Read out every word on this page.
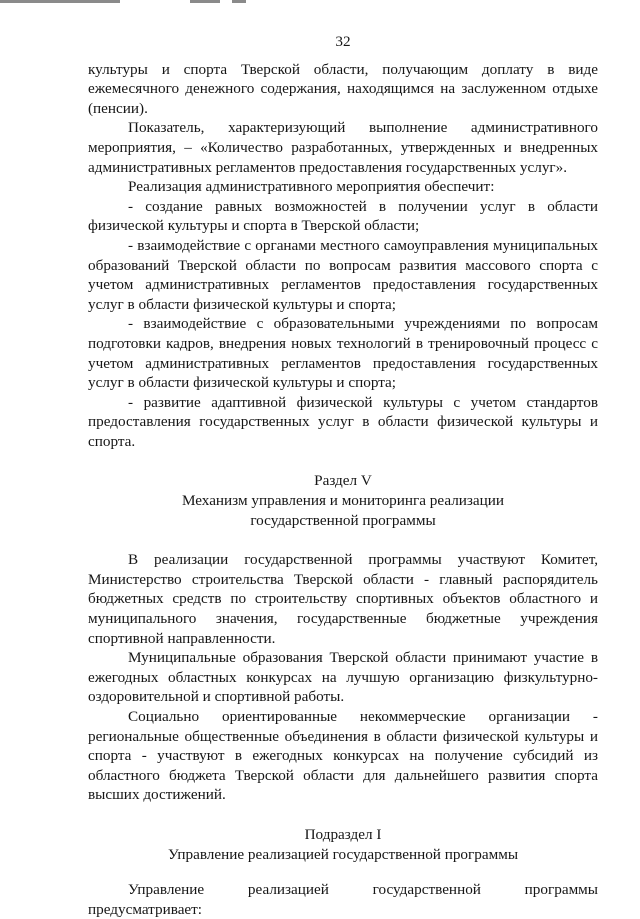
32

культуры и спорта Тверской области, получающим доплату в виде ежемесячного денежного содержания, находящимся на заслуженном отдыхе (пенсии).

Показатель, характеризующий выполнение административного мероприятия, – «Количество разработанных, утвержденных и внедренных административных регламентов предоставления государственных услуг».

Реализация административного мероприятия обеспечит:

- создание равных возможностей в получении услуг в области физической культуры и спорта в Тверской области;

- взаимодействие с органами местного самоуправления муниципальных образований Тверской области по вопросам развития массового спорта с учетом административных регламентов предоставления государственных услуг в области физической культуры и спорта;

- взаимодействие с образовательными учреждениями по вопросам подготовки кадров, внедрения новых технологий в тренировочный процесс с учетом административных регламентов предоставления государственных услуг в области физической культуры и спорта;

- развитие адаптивной физической культуры с учетом стандартов предоставления государственных услуг в области физической культуры и спорта.

Раздел V

Механизм управления и мониторинга реализации

государственной программы

В реализации государственной программы участвуют Комитет, Министерство строительства Тверской области - главный распорядитель бюджетных средств по строительству спортивных объектов областного и муниципального значения, государственные бюджетные учреждения спортивной направленности.

Муниципальные образования Тверской области принимают участие в ежегодных областных конкурсах на лучшую организацию физкультурно-оздоровительной и спортивной работы.

Социально ориентированные некоммерческие организации - региональные общественные объединения в области физической культуры и спорта - участвуют в ежегодных конкурсах на получение субсидий из областного бюджета Тверской области для дальнейшего развития спорта высших достижений.

Подраздел I

Управление реализацией государственной программы

Управление реализацией государственной программы

предусматривает:
